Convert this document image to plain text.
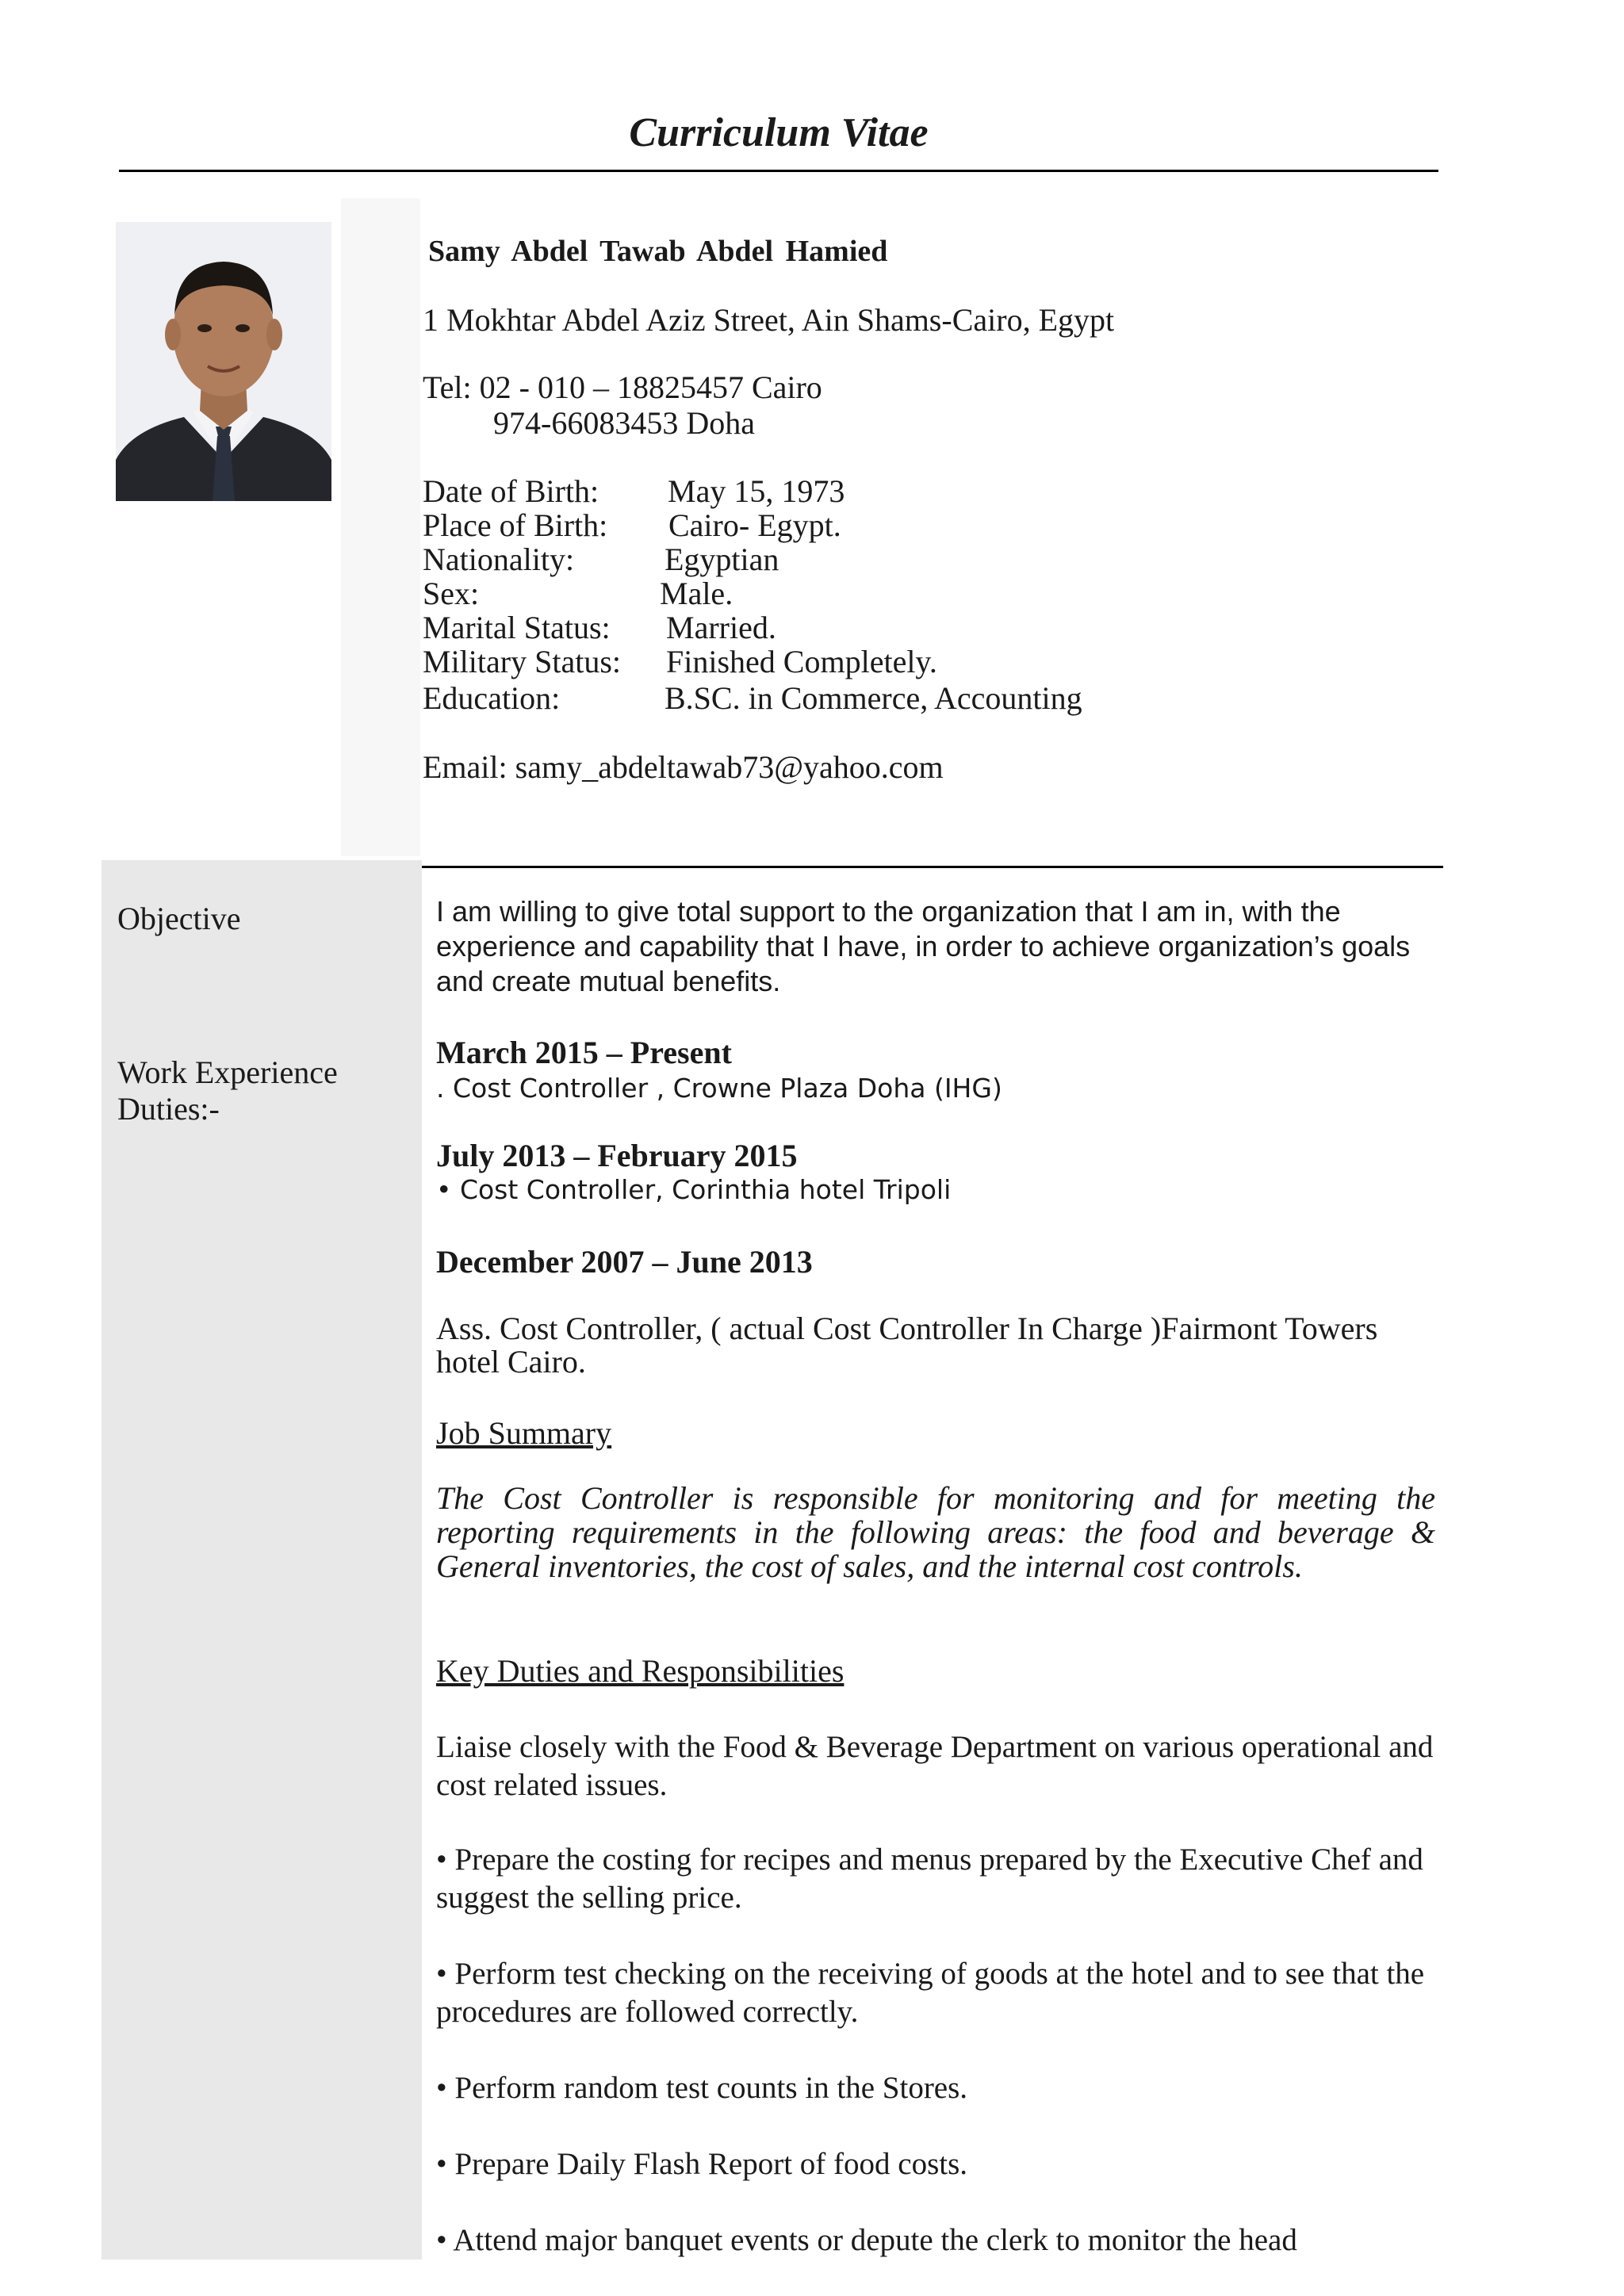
Curriculum Vitae
Samy Abdel Tawab Abdel Hamied
1 Mokhtar Abdel Aziz Street, Ain Shams-Cairo, Egypt
Tel: 02 - 010 – 18825457 Cairo
974-66083453 Doha
Date of Birth: May 15, 1973
Place of Birth: Cairo- Egypt.
Nationality:	Egyptian
Sex:	Male.
Marital Status: Married.
Military Status: Finished Completely.
Education:	B.SC. in Commerce, Accounting
Email: samy_abdeltawab73@yahoo.com
Objective
Work Experience
Duties:-
I am willing to give total support to the organization that I am in, with the experience and capability that I have, in order to achieve organization’s goals and create mutual benefits.
March 2015 – Present
. Cost Controller , Crowne Plaza Doha (IHG)
July 2013 – February 2015
• Cost Controller, Corinthia hotel Tripoli
December 2007 – June 2013
Ass. Cost Controller, ( actual Cost Controller In Charge )Fairmont Towers hotel Cairo.
Job Summary
The Cost Controller is responsible for monitoring and for meeting the reporting requirements in the following areas: the food and beverage & General inventories, the cost of sales, and the internal cost controls.
Key Duties and Responsibilities
Liaise closely with the Food & Beverage Department on various operational and cost related issues.
• Prepare the costing for recipes and menus prepared by the Executive Chef and suggest the selling price.
• Perform test checking on the receiving of goods at the hotel and to see that the procedures are followed correctly.
• Perform random test counts in the Stores.
• Prepare Daily Flash Report of food costs.
• Attend major banquet events or depute the clerk to monitor the head
